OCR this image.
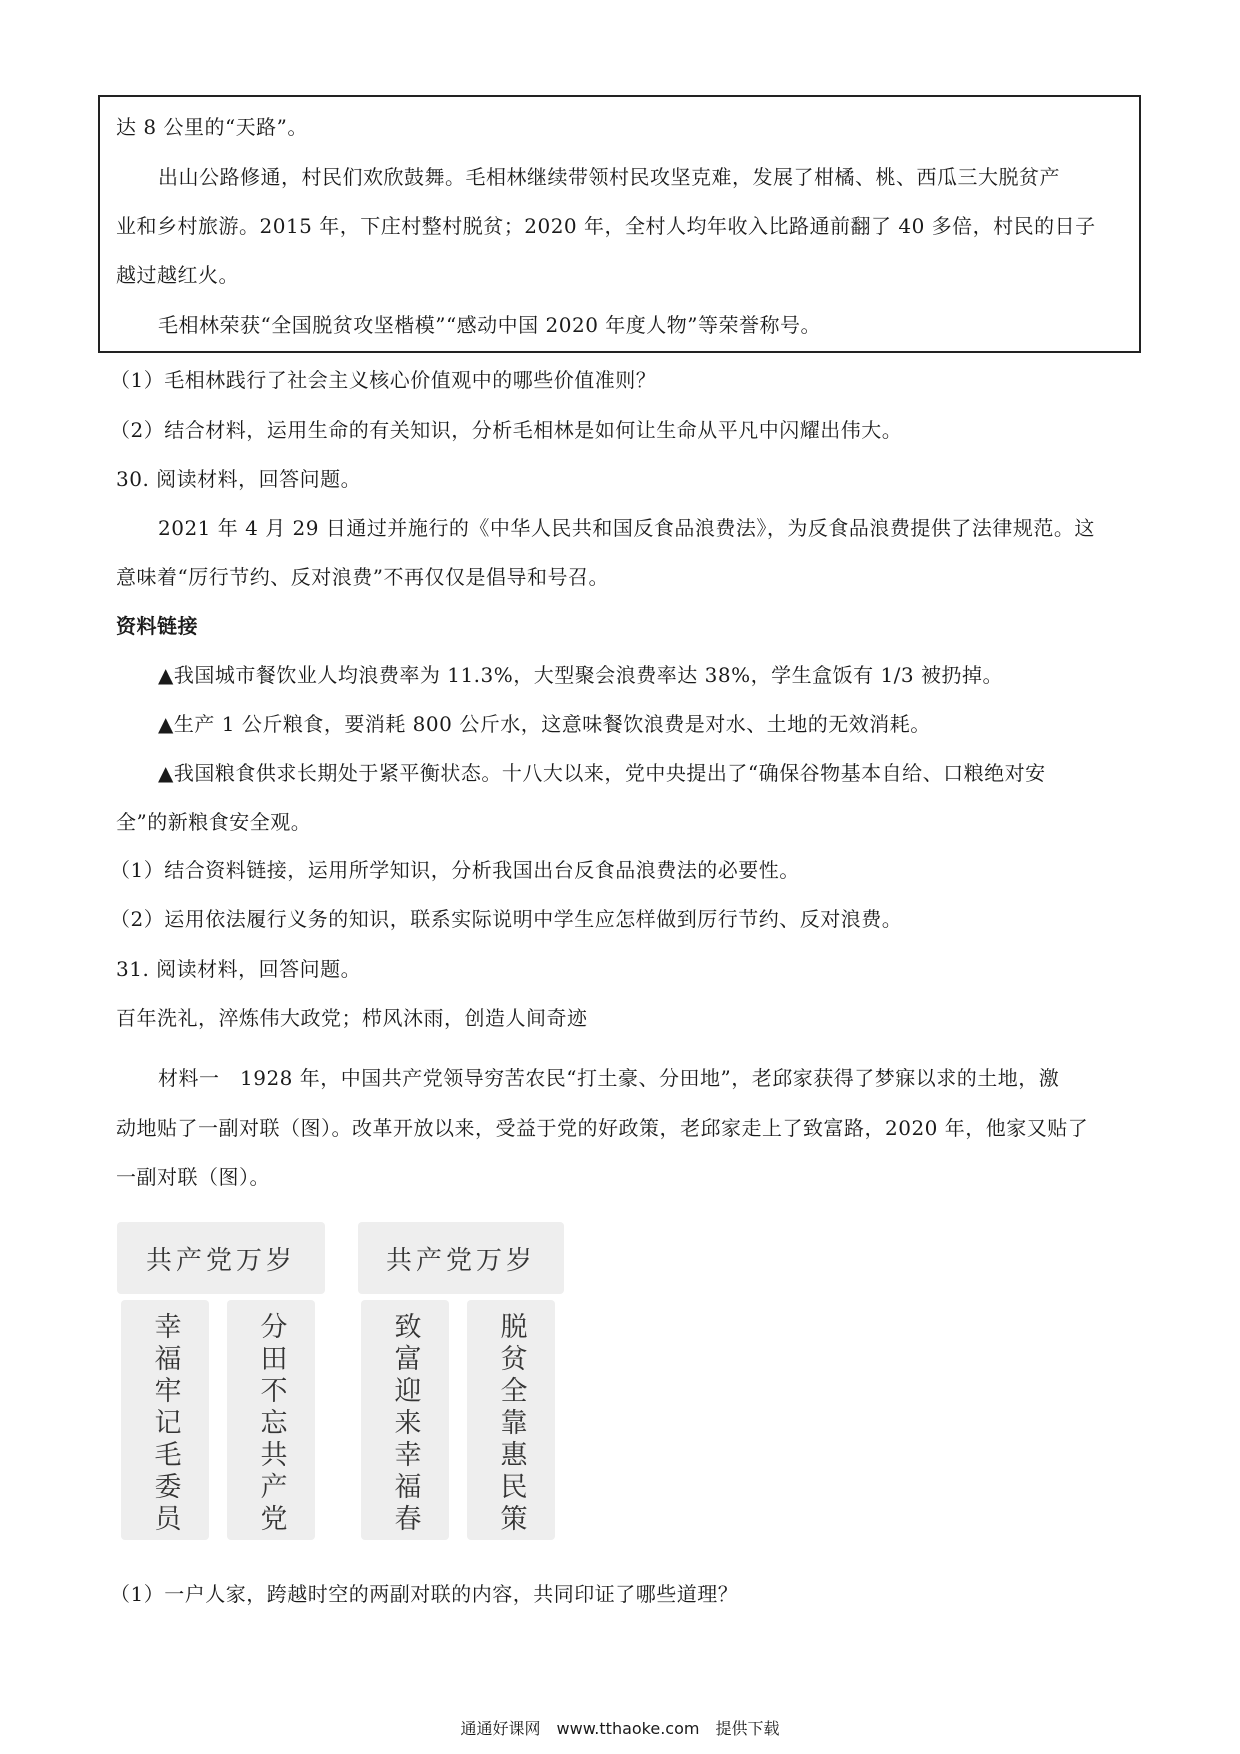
达 8 公里的“天路”。
出山公路修通，村民们欢欣鼓舞。毛相林继续带领村民攻坚克难，发展了柑橘、桃、西瓜三大脱贫产
业和乡村旅游。2015 年，下庄村整村脱贫；2020 年，全村人均年收入比路通前翻了 40 多倍，村民的日子
越过越红火。
毛相林荣获“全国脱贫攻坚楷模”“感动中国 2020 年度人物”等荣誉称号。
（1）毛相林践行了社会主义核心价值观中的哪些价值准则？
（2）结合材料，运用生命的有关知识，分析毛相林是如何让生命从平凡中闪耀出伟大。
30. 阅读材料，回答问题。
2021 年 4 月 29 日通过并施行的《中华人民共和国反食品浪费法》，为反食品浪费提供了法律规范。这
意味着“厉行节约、反对浪费”不再仅仅是倡导和号召。
资料链接
▲我国城市餐饮业人均浪费率为 11.3%，大型聚会浪费率达 38%，学生盒饭有 1/3 被扔掉。
▲生产 1 公斤粮食，要消耗 800 公斤水，这意味餐饮浪费是对水、土地的无效消耗。
▲我国粮食供求长期处于紧平衡状态。十八大以来，党中央提出了“确保谷物基本自给、口粮绝对安
全”的新粮食安全观。
（1）结合资料链接，运用所学知识，分析我国出台反食品浪费法的必要性。
（2）运用依法履行义务的知识，联系实际说明中学生应怎样做到厉行节约、反对浪费。
31. 阅读材料，回答问题。
百年洗礼，淬炼伟大政党；栉风沐雨，创造人间奇迹
材料一　1928 年，中国共产党领导穷苦农民“打土豪、分田地”，老邱家获得了梦寐以求的土地，激
动地贴了一副对联（图）。改革开放以来，受益于党的好政策，老邱家走上了致富路，2020 年，他家又贴了
一副对联（图）。
共产党万岁
幸福牢记毛委员	分田不忘共产党
共产党万岁
致富迎来幸福春	脱贫全靠惠民策
（1）一户人家，跨越时空的两副对联的内容，共同印证了哪些道理？
通通好课网　www.tthaoke.com　提供下载
